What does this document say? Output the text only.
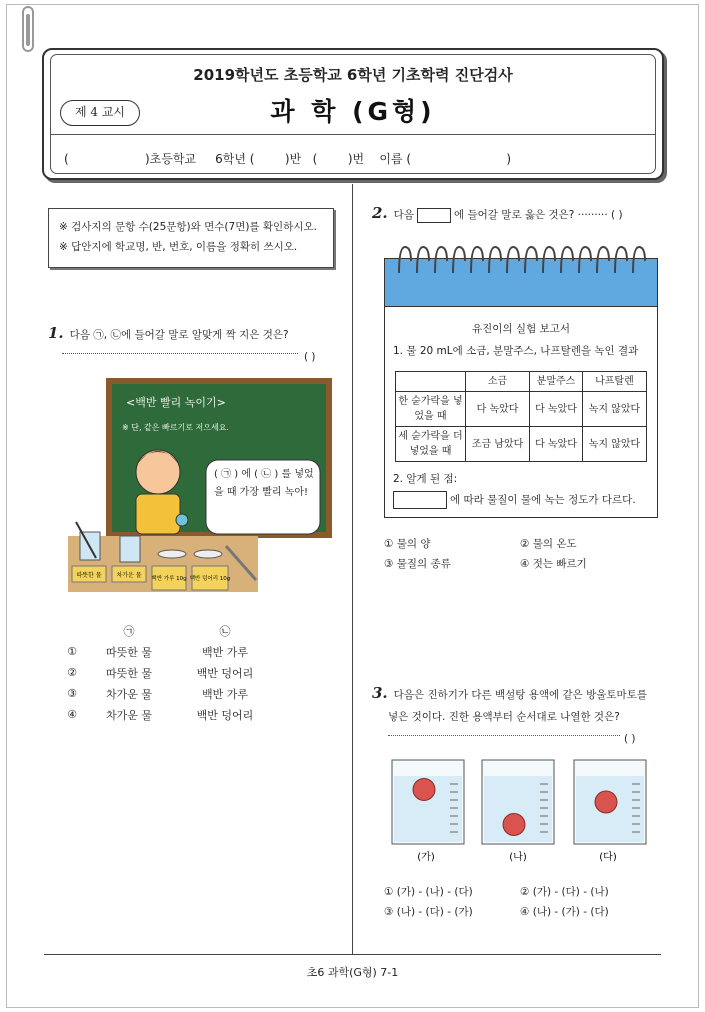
2019학년도 초등학교 6학년 기초학력 진단검사
제 4 교시	과 학 (G형)
(                    )초등학교     6학년 (        )반   (        )번    이름 (                         )
※ 검사지의 문항 수(25문항)와 면수(7면)를 확인하시오.
※ 답안지에 학교명, 반, 번호, 이름을 정확히 쓰시오.
1. 다음 ㉠, ㉡에 들어갈 말로 알맞게 짝 지은 것은?
( )
따뜻한 물 차가운 물 백반 가루 10g 백반 덩어리 10g
<백반 빨리 녹이기>
※ 단, 같은 빠르기로 저으세요.
( ㉠ ) 에 ( ㉡ ) 를 넣었을 때 가장 빨리 녹아!
	㉠	㉡
①	따뜻한 물	백반 가루
②	따뜻한 물	백반 덩어리
③	차가운 물	백반 가루
④	차가운 물	백반 덩어리
2. 다음	에 들어갈 말로 옳은 것은? ········· ( )
유진이의 실험 보고서
1. 물 20 mL에 소금, 분말주스, 나프탈렌을 녹인 결과
	소금	분말주스	나프탈렌
한 숟가락을 넣었을 때	다 녹았다	다 녹았다	녹지 않았다
세 숟가락을 더 넣었을 때	조금 남았다	다 녹았다	녹지 않았다
2. 알게 된 점:
에 따라 물질이 물에 녹는 정도가 다르다.
① 물의 양	② 물의 온도
③ 물질의 종류	④ 젓는 빠르기
3. 다음은 진하기가 다른 백설탕 용액에 같은 방울토마토를
넣은 것이다. 진한 용액부터 순서대로 나열한 것은?
( )
(가)	(나)	(다)
① (가) - (나) - (다)	② (가) - (다) - (나)
③ (나) - (다) - (가)	④ (나) - (가) - (다)
초6 과학(G형) 7-1
